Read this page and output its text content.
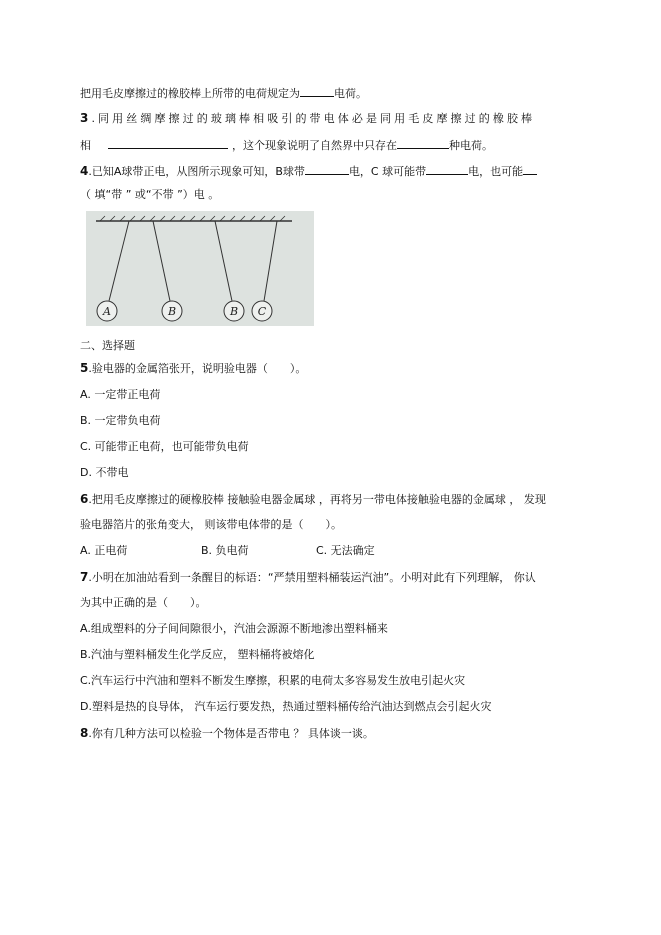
把用毛皮摩擦过的橡胶棒上所带的电荷规定为	电荷。
3.同用丝绸摩擦过的玻璃棒相吸引的带电体必是同用毛皮摩擦过的橡胶棒
相	，这个现象说明了自然界中只存在	种电荷。
4.已知A球带正电，从图所示现象可知，B球带	电，C 球可能带	电，也可能
（ 填“带 ” 或“不带 ”）电 。
A	B	B C
二、选择题
5.验电器的金属箔张开，说明验电器（　　）。
A. 一定带正电荷
B. 一定带负电荷
C. 可能带正电荷，也可能带负电荷
D. 不带电
6.把用毛皮摩擦过的硬橡胶棒 接触验电器金属球 ，再将另一带电体接触验电器的金属球 ， 发现
验电器箔片的张角变大， 则该带电体带的是（　　）。
A. 正电荷	B. 负电荷	C. 无法确定
7.小明在加油站看到一条醒目的标语：“严禁用塑料桶装运汽油”。小明对此有下列理解， 你认
为其中正确的是（　　）。
A.组成塑料的分子间间隙很小，汽油会源源不断地渗出塑料桶来
B.汽油与塑料桶发生化学反应， 塑料桶将被熔化
C.汽车运行中汽油和塑料不断发生摩擦，积累的电荷太多容易发生放电引起火灾
D.塑料是热的良导体， 汽车运行要发热，热通过塑料桶传给汽油达到燃点会引起火灾
8.你有几种方法可以检验一个物体是否带电 ？ 具体谈一谈。
